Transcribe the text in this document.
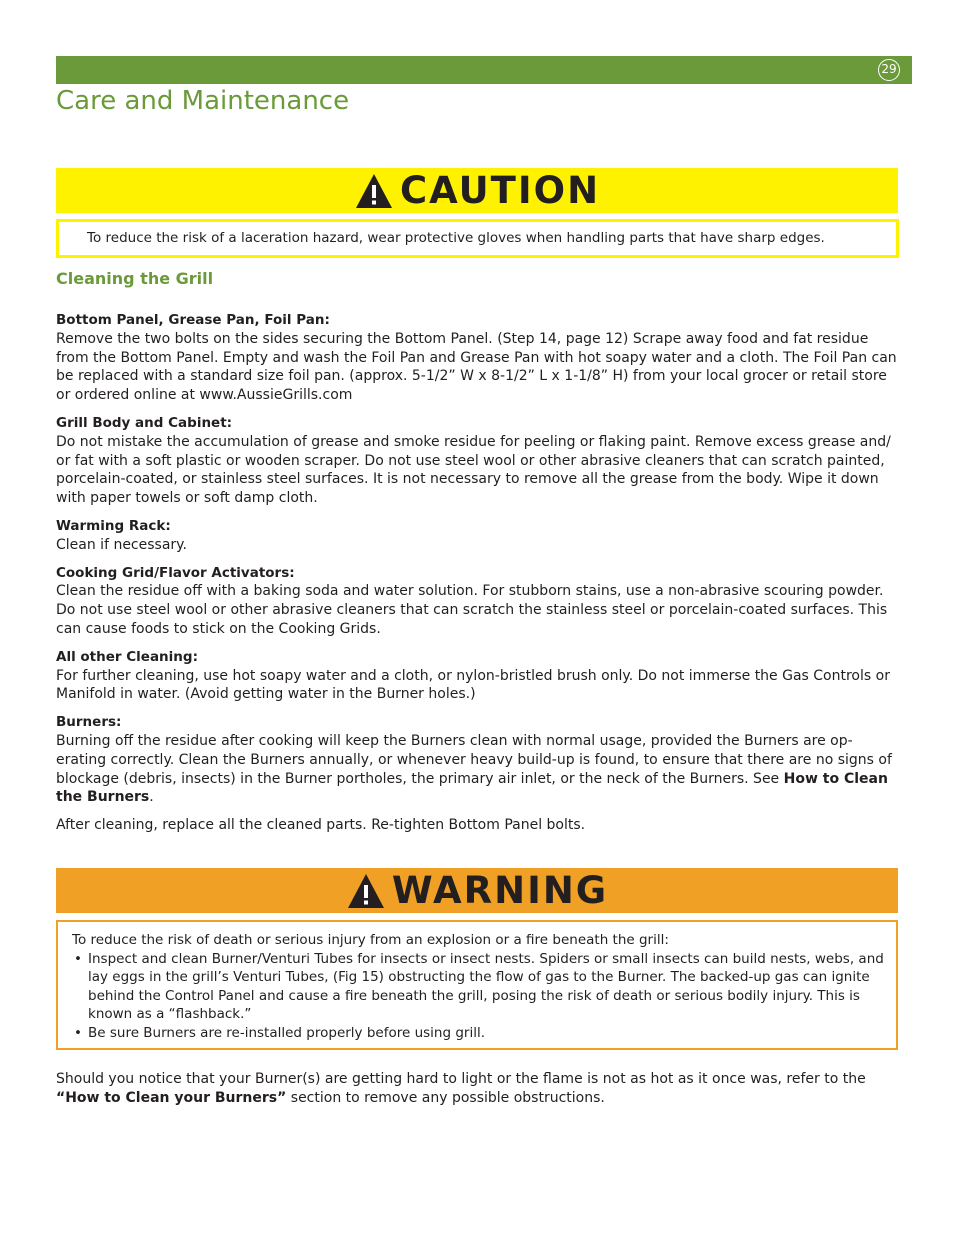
29
Care and Maintenance
CAUTION
To reduce the risk of a laceration hazard, wear protective gloves when handling parts that have sharp edges.
Cleaning the Grill

Bottom Panel, Grease Pan, Foil Pan:
Remove the two bolts on the sides securing the Bottom Panel. (Step 14, page 12) Scrape away food and fat residue from the Bottom Panel. Empty and wash the Foil Pan and Grease Pan with hot soapy water and a cloth. The Foil Pan can be replaced with a standard size foil pan. (approx. 5-1/2” W x 8-1/2” L x 1-1/8” H) from your local grocer or retail store or ordered online at www.AussieGrills.com

Grill Body and Cabinet:
Do not mistake the accumulation of grease and smoke residue for peeling or flaking paint. Remove excess grease and/ or fat with a soft plastic or wooden scraper. Do not use steel wool or other abrasive cleaners that can scratch painted, porcelain-coated, or stainless steel surfaces. It is not necessary to remove all the grease from the body. Wipe it down with paper towels or soft damp cloth.

Warming Rack:
Clean if necessary.

Cooking Grid/Flavor Activators:
Clean the residue off with a baking soda and water solution. For stubborn stains, use a non-abrasive scouring powder. Do not use steel wool or other abrasive cleaners that can scratch the stainless steel or porcelain-coated surfaces. This can cause foods to stick on the Cooking Grids.

All other Cleaning:
For further cleaning, use hot soapy water and a cloth, or nylon-bristled brush only. Do not immerse the Gas Controls or Manifold in water. (Avoid getting water in the Burner holes.)

Burners:
Burning off the residue after cooking will keep the Burners clean with normal usage, provided the Burners are op- erating correctly. Clean the Burners annually, or whenever heavy build-up is found, to ensure that there are no signs of blockage (debris, insects) in the Burner portholes, the primary air inlet, or the neck of the Burners. See How to Clean the Burners.

After cleaning, replace all the cleaned parts. Re-tighten Bottom Panel bolts.

WARNING
To reduce the risk of death or serious injury from an explosion or a fire beneath the grill:
• Inspect and clean Burner/Venturi Tubes for insects or insect nests. Spiders or small insects can build nests, webs, and lay eggs in the grill’s Venturi Tubes, (Fig 15) obstructing the flow of gas to the Burner. The backed-up gas can ignite behind the Control Panel and cause a fire beneath the grill, posing the risk of death or serious bodily injury. This is known as a “flashback.”
• Be sure Burners are re-installed properly before using grill.
Should you notice that your Burner(s) are getting hard to light or the flame is not as hot as it once was, refer to the “How to Clean your Burners” section to remove any possible obstructions.
